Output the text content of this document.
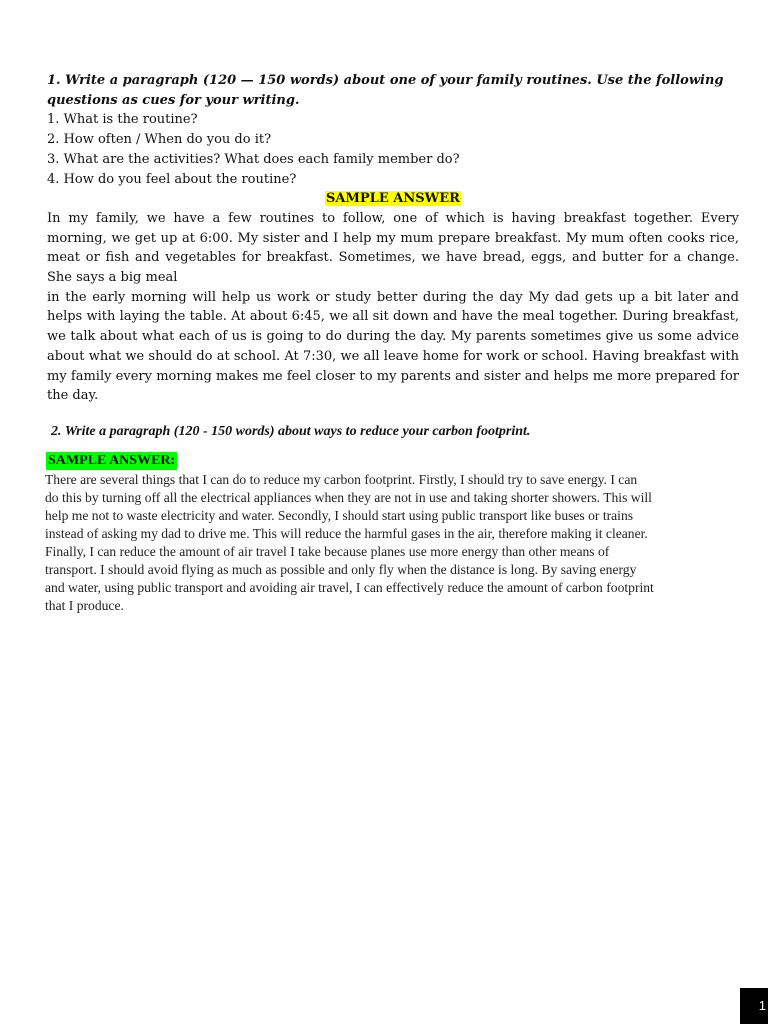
1. Write a paragraph (120 — 150 words) about one of your family routines. Use the following
questions as cues for your writing.

1. What is the routine?

2. How often / When do you do it?

3. What are the activities? What does each family member do?

4. How do you feel about the routine?

SAMPLE ANSWER

In my family, we have a few routines to follow, one of which is having breakfast together. Every morning, we get up at 6:00. My sister and I help my mum prepare breakfast. My mum often cooks rice, meat or fish and vegetables for breakfast. Sometimes, we have bread, eggs, and butter for a change. She says a big meal

in the early morning will help us work or study better during the day My dad gets up a bit later and helps with laying the table. At about 6:45, we all sit down and have the meal together. During breakfast, we talk about what each of us is going to do during the day. My parents sometimes give us some advice about what we should do at school. At 7:30, we all leave home for work or school. Having breakfast with my family every morning makes me feel closer to my parents and sister and helps me more prepared for the day.

2. Write a paragraph (120 - 150 words) about ways to reduce your carbon footprint.

SAMPLE ANSWER:

There are several things that I can do to reduce my carbon footprint. Firstly, I should try to save energy. I can
do this by turning off all the electrical appliances when they are not in use and taking shorter showers. This will
help me not to waste electricity and water. Secondly, I should start using public transport like buses or trains
instead of asking my dad to drive me. This will reduce the harmful gases in the air, therefore making it cleaner.
Finally, I can reduce the amount of air travel I take because planes use more energy than other means of
transport. I should avoid flying as much as possible and only fly when the distance is long. By saving energy
and water, using public transport and avoiding air travel, I can effectively reduce the amount of carbon footprint
that I produce.

1
